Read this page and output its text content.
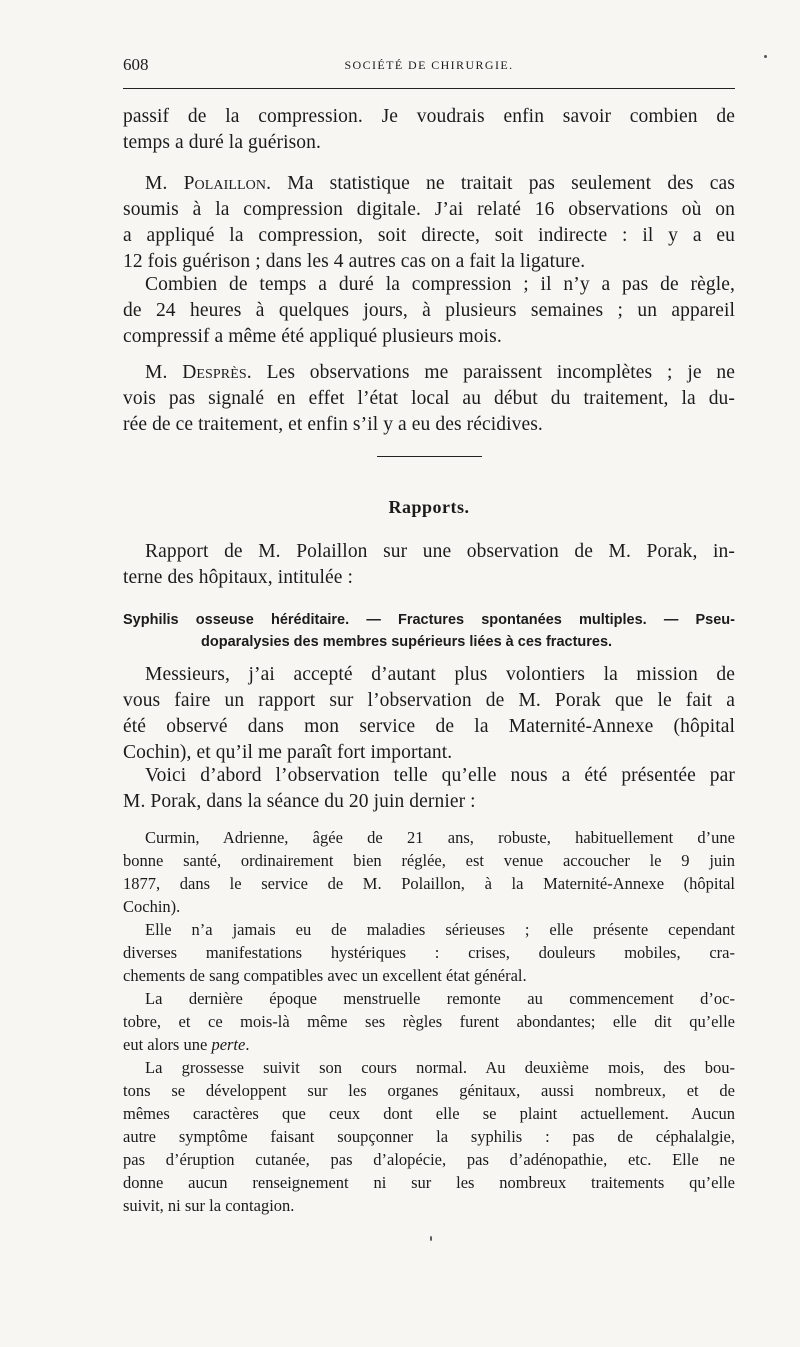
608	SOCIÉTÉ DE CHIRURGIE.
passif de la compression. Je voudrais enfin savoir combien de
temps a duré la guérison.
M. Polaillon. Ma statistique ne traitait pas seulement des cas
soumis à la compression digitale. J’ai relaté 16 observations où on
a appliqué la compression, soit directe, soit indirecte : il y a eu
12 fois guérison ; dans les 4 autres cas on a fait la ligature.
Combien de temps a duré la compression ; il n’y a pas de règle,
de 24 heures à quelques jours, à plusieurs semaines ; un appareil
compressif a même été appliqué plusieurs mois.
M. Desprès. Les observations me paraissent incomplètes ; je ne
vois pas signalé en effet l’état local au début du traitement, la du-
rée de ce traitement, et enfin s’il y a eu des récidives.
Rapports.
Rapport de M. Polaillon sur une observation de M. Porak, in-
terne des hôpitaux, intitulée :
Syphilis osseuse héréditaire. — Fractures spontanées multiples. — Pseu-
doparalysies des membres supérieurs liées à ces fractures.
Messieurs, j’ai accepté d’autant plus volontiers la mission de
vous faire un rapport sur l’observation de M. Porak que le fait a
été observé dans mon service de la Maternité-Annexe (hôpital
Cochin), et qu’il me paraît fort important.
Voici d’abord l’observation telle qu’elle nous a été présentée par
M. Porak, dans la séance du 20 juin dernier :
Curmin, Adrienne, âgée de 21 ans, robuste, habituellement d’une
bonne santé, ordinairement bien réglée, est venue accoucher le 9 juin
1877, dans le service de M. Polaillon, à la Maternité-Annexe (hôpital
Cochin).
Elle n’a jamais eu de maladies sérieuses ; elle présente cependant
diverses manifestations hystériques : crises, douleurs mobiles, cra-
chements de sang compatibles avec un excellent état général.
La dernière époque menstruelle remonte au commencement d’oc-
tobre, et ce mois-là même ses règles furent abondantes; elle dit qu’elle
eut alors une perte.
La grossesse suivit son cours normal. Au deuxième mois, des bou-
tons se développent sur les organes génitaux, aussi nombreux, et de
mêmes caractères que ceux dont elle se plaint actuellement. Aucun
autre symptôme faisant soupçonner la syphilis : pas de céphalalgie,
pas d’éruption cutanée, pas d’alopécie, pas d’adénopathie, etc. Elle ne
donne aucun renseignement ni sur les nombreux traitements qu’elle
suivit, ni sur la contagion.
